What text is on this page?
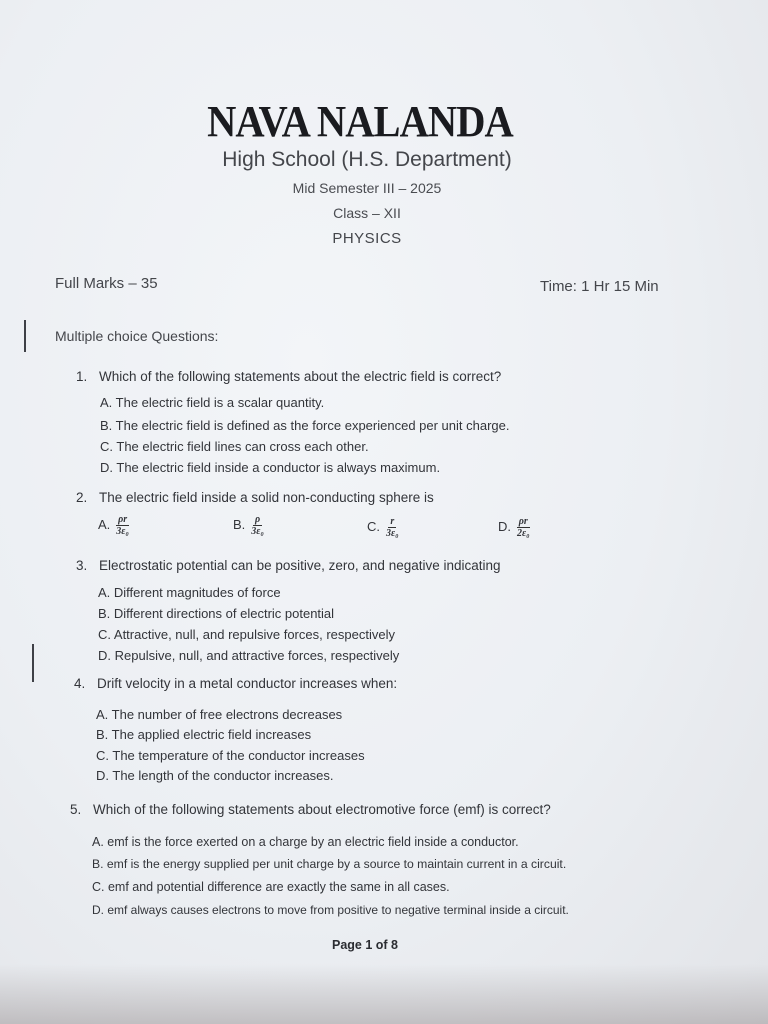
NAVA NALANDA
High School (H.S. Department)
Mid Semester III – 2025
Class – XII
PHYSICS
Full Marks – 35	Time: 1 Hr 15 Min
Multiple choice Questions:
1. Which of the following statements about the electric field is correct?
A. The electric field is a scalar quantity.
B. The electric field is defined as the force experienced per unit charge.
C. The electric field lines can cross each other.
D. The electric field inside a conductor is always maximum.
2. The electric field inside a solid non-conducting sphere is
A. $\frac{\rho r}{\text{3ε₀}}$	B. $\frac{\rho}{\text{3ε₀}}$	C. $\frac{r}{\text{3ε₀}}$	D. $\frac{\rho r}{\text{2ε₀}}$
3. Electrostatic potential can be positive, zero, and negative indicating
A. Different magnitudes of force
B. Different directions of electric potential
C. Attractive, null, and repulsive forces, respectively
D. Repulsive, null, and attractive forces, respectively
4. Drift velocity in a metal conductor increases when:
A. The number of free electrons decreases
B. The applied electric field increases
C. The temperature of the conductor increases
D. The length of the conductor increases.
5. Which of the following statements about electromotive force (emf) is correct?
A. emf is the force exerted on a charge by an electric field inside a conductor.
B. emf is the energy supplied per unit charge by a source to maintain current in a circuit.
C. emf and potential difference are exactly the same in all cases.
D. emf always causes electrons to move from positive to negative terminal inside a circuit.
Page 1 of 8
